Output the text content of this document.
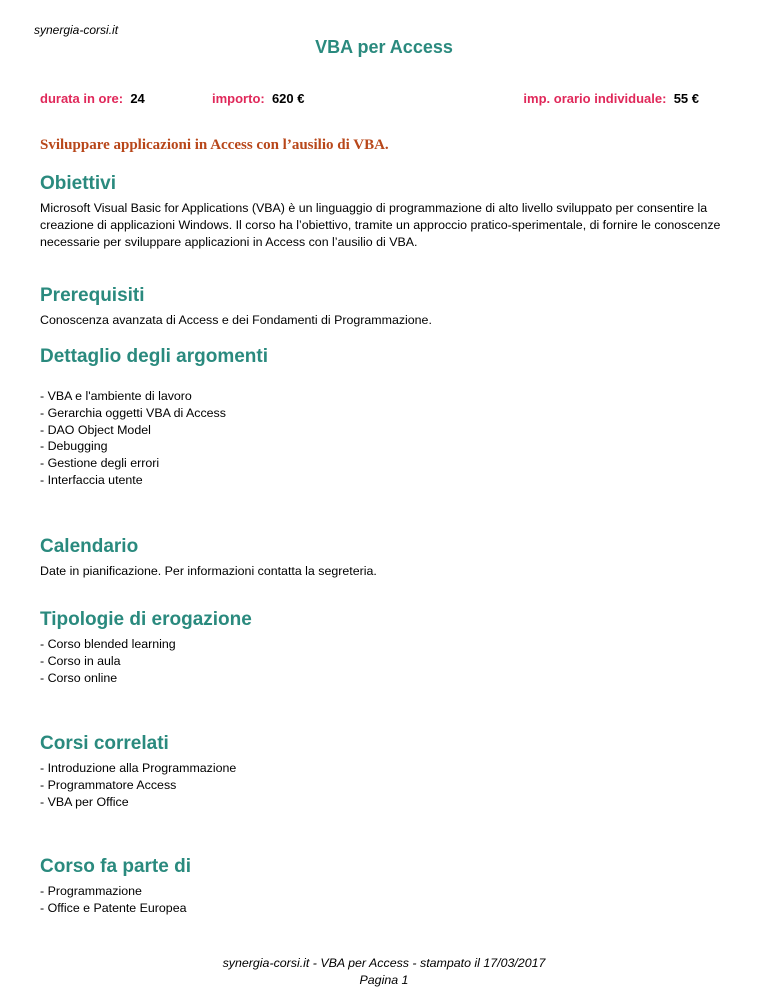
synergia-corsi.it
VBA per Access
durata in ore: 24	importo: 620 €	imp. orario individuale: 55 €
Sviluppare applicazioni in Access con l’ausilio di VBA.
Obiettivi

Microsoft Visual Basic for Applications (VBA) è un linguaggio di programmazione di alto livello sviluppato per consentire la creazione di applicazioni Windows. Il corso ha l’obiettivo, tramite un approccio pratico-sperimentale, di fornire le conoscenze necessarie per sviluppare applicazioni in Access con l’ausilio di VBA.

Prerequisiti

Conoscenza avanzata di Access e dei Fondamenti di Programmazione.

Dettaglio degli argomenti
- VBA e l'ambiente di lavoro
- Gerarchia oggetti VBA di Access
- DAO Object Model
- Debugging
- Gestione degli errori
- Interfaccia utente
Calendario

Date in pianificazione. Per informazioni contatta la segreteria.

Tipologie di erogazione
- Corso blended learning
- Corso in aula
- Corso online
Corsi correlati
- Introduzione alla Programmazione
- Programmatore Access
- VBA per Office
Corso fa parte di
- Programmazione
- Office e Patente Europea
synergia-corsi.it - VBA per Access - stampato il 17/03/2017
Pagina 1
